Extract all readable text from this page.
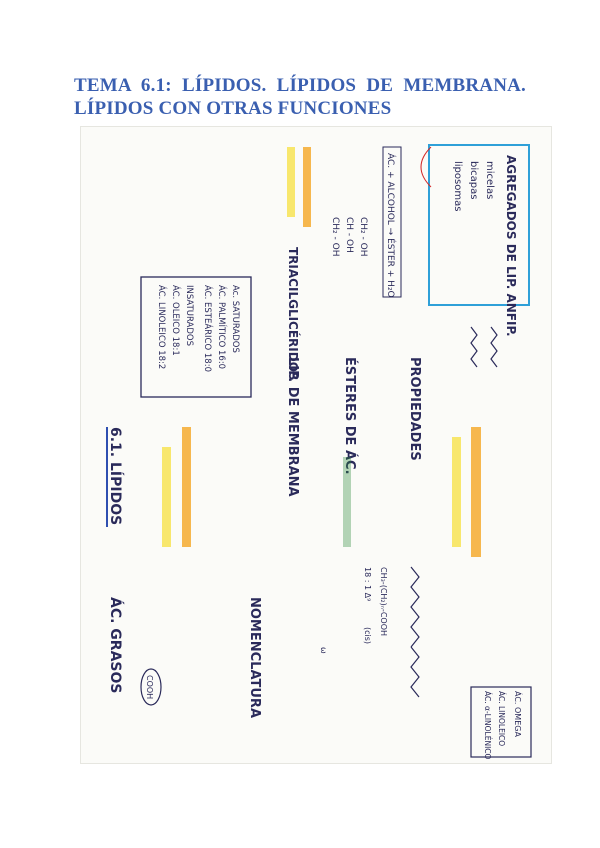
TEMA 6.1: LÍPIDOS. LÍPIDOS DE MEMBRANA.
LÍPIDOS CON OTRAS FUNCIONES
6.1. LÍPIDOS
AGREGADOS DE LIP. ANFIP.
micelas
bicapas
liposomas
PROPIEDADES
ÉSTERES DE ÁC.
ÁC. + ALCOHOL → ÉSTER + H₂O
CH₂ - OH
CH - OH
CH₂ - OH
LIP. DE MEMBRANA
TRIACILGLICÉRIDOS
Ac. SATURADOS
ÁC. PALMÍTICO 16:0
ÁC. ESTEÁRICO 18:0
INSATURADOS
ÁC. OLEICO 18:1
ÁC. LINOLEICO 18:2
NOMENCLATURA
ÁC. GRASOS	COOH
ÁC. OMEGA
ÁC. LINOLEICO
ÁC. α-LINOLÉNICO
CH₃-(CH₂)ₙ-COOH
18 : 1 Δ⁹
(cis)
ω
